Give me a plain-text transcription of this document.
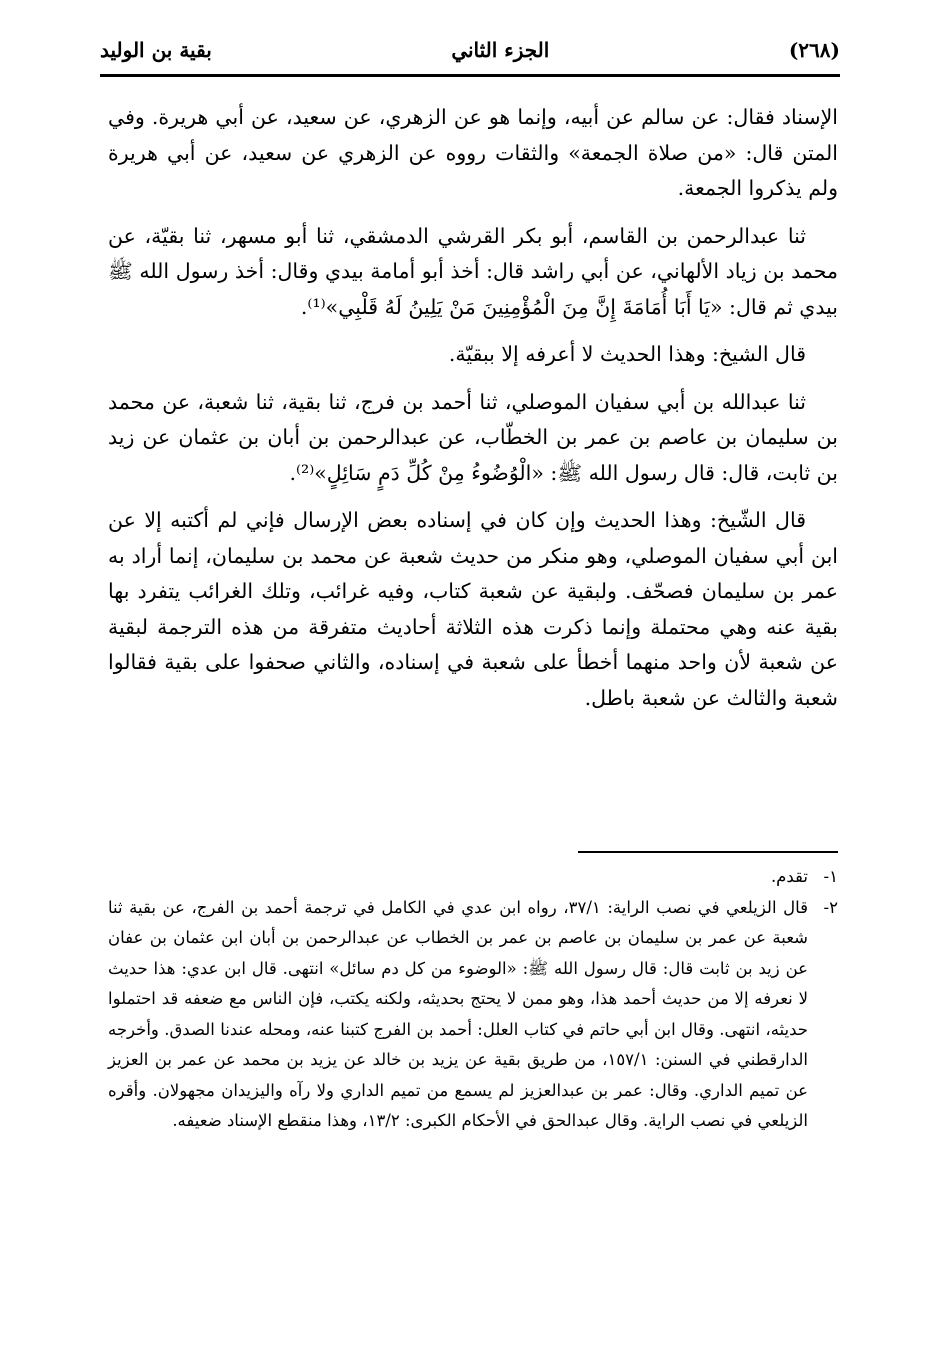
(٢٦٨)
الجزء الثاني
بقية بن الوليد

الإسناد فقال: عن سالم عن أبيه، وإنما هو عن الزهري، عن سعيد، عن أبي هريرة. وفي المتن قال: «من صلاة الجمعة» والثقات رووه عن الزهري عن سعيد، عن أبي هريرة ولم يذكروا الجمعة.

ثنا عبدالرحمن بن القاسم، أبو بكر القرشي الدمشقي، ثنا أبو مسهر، ثنا بقيّة، عن محمد بن زياد الألهاني، عن أبي راشد قال: أخذ أبو أمامة بيدي وقال: أخذ رسول الله ﷺ بيدي ثم قال: «يَا أَبَا أُمَامَةَ إِنَّ مِنَ الْمُؤْمِنِينَ مَنْ يَلِينُ لَهُ قَلْبِي»⁽¹⁾.

قال الشيخ: وهذا الحديث لا أعرفه إلا ببقيّة.

ثنا عبدالله بن أبي سفيان الموصلي، ثنا أحمد بن فرج، ثنا بقية، ثنا شعبة، عن محمد بن سليمان بن عاصم بن عمر بن الخطّاب، عن عبدالرحمن بن أبان بن عثمان عن زيد بن ثابت، قال: قال رسول الله ﷺ: «الْوُضُوءُ مِنْ كُلِّ دَمٍ سَائِلٍ»⁽²⁾.

قال الشّيخ: وهذا الحديث وإن كان في إسناده بعض الإرسال فإني لم أكتبه إلا عن ابن أبي سفيان الموصلي، وهو منكر من حديث شعبة عن محمد بن سليمان، إنما أراد به عمر بن سليمان فصحّف. ولبقية عن شعبة كتاب، وفيه غرائب، وتلك الغرائب يتفرد بها بقية عنه وهي محتملة وإنما ذكرت هذه الثلاثة أحاديث متفرقة من هذه الترجمة لبقية عن شعبة لأن واحد منهما أخطأ على شعبة في إسناده، والثاني صحفوا على بقية فقالوا شعبة والثالث عن شعبة باطل.

١-
تقدم.
٢-
قال الزيلعي في نصب الراية: ٣٧/١، رواه ابن عدي في الكامل في ترجمة أحمد بن الفرج، عن بقية ثنا شعبة عن عمر بن سليمان بن عاصم بن عمر بن الخطاب عن عبدالرحمن بن أبان ابن عثمان بن عفان عن زيد بن ثابت قال: قال رسول الله ﷺ: «الوضوء من كل دم سائل» انتهى. قال ابن عدي: هذا حديث لا نعرفه إلا من حديث أحمد هذا، وهو ممن لا يحتج بحديثه، ولكنه يكتب، فإن الناس مع ضعفه قد احتملوا حديثه، انتهى. وقال ابن أبي حاتم في كتاب العلل: أحمد بن الفرج كتبنا عنه، ومحله عندنا الصدق. وأخرجه الدارقطني في السنن: ١٥٧/١، من طريق بقية عن يزيد بن خالد عن يزيد بن محمد عن عمر بن العزيز عن تميم الداري. وقال: عمر بن عبدالعزيز لم يسمع من تميم الداري ولا رآه واليزيدان مجهولان. وأقره الزيلعي في نصب الراية. وقال عبدالحق في الأحكام الكبرى: ١٣/٢، وهذا منقطع الإسناد ضعيفه.
